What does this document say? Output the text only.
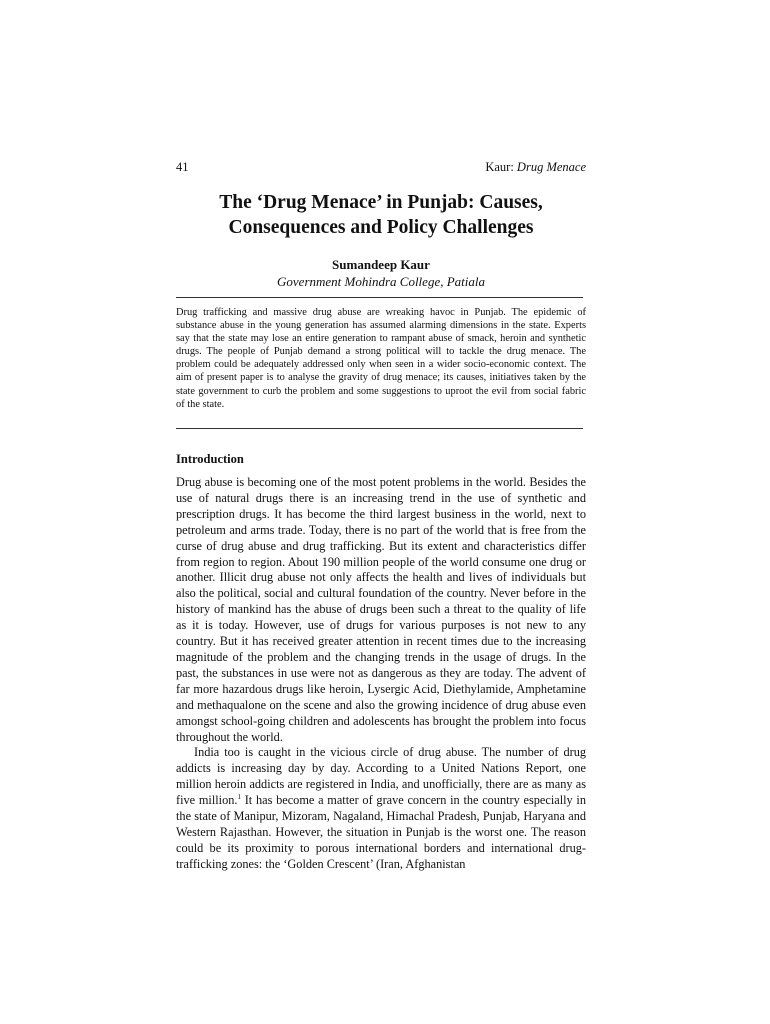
41	Kaur: Drug Menace
The ‘Drug Menace’ in Punjab: Causes,
Consequences and Policy Challenges
Sumandeep Kaur
Government Mohindra College, Patiala
Drug trafficking and massive drug abuse are wreaking havoc in Punjab. The epidemic of substance abuse in the young generation has assumed alarming dimensions in the state. Experts say that the state may lose an entire generation to rampant abuse of smack, heroin and synthetic drugs. The people of Punjab demand a strong political will to tackle the drug menace. The problem could be adequately addressed only when seen in a wider socio-economic context. The aim of present paper is to analyse the gravity of drug menace; its causes, initiatives taken by the state government to curb the problem and some suggestions to uproot the evil from social fabric of the state.
Introduction

Drug abuse is becoming one of the most potent problems in the world. Besides the use of natural drugs there is an increasing trend in the use of synthetic and prescription drugs. It has become the third largest business in the world, next to petroleum and arms trade. Today, there is no part of the world that is free from the curse of drug abuse and drug trafficking. But its extent and characteristics differ from region to region. About 190 million people of the world consume one drug or another. Illicit drug abuse not only affects the health and lives of individuals but also the political, social and cultural foundation of the country. Never before in the history of mankind has the abuse of drugs been such a threat to the quality of life as it is today. However, use of drugs for various purposes is not new to any country. But it has received greater attention in recent times due to the increasing magnitude of the problem and the changing trends in the usage of drugs. In the past, the substances in use were not as dangerous as they are today. The advent of far more hazardous drugs like heroin, Lysergic Acid, Diethylamide, Amphetamine and methaqualone on the scene and also the growing incidence of drug abuse even amongst school-going children and adolescents has brought the problem into focus throughout the world.

India too is caught in the vicious circle of drug abuse. The number of drug addicts is increasing day by day. According to a United Nations Report, one million heroin addicts are registered in India, and unofficially, there are as many as five million.$^1$ It has become a matter of grave concern in the country especially in the state of Manipur, Mizoram, Nagaland, Himachal Pradesh, Punjab, Haryana and Western Rajasthan. However, the situation in Punjab is the worst one. The reason could be its proximity to porous international borders and international drug-trafficking zones: the ‘Golden Crescent’ (Iran, Afghanistan
